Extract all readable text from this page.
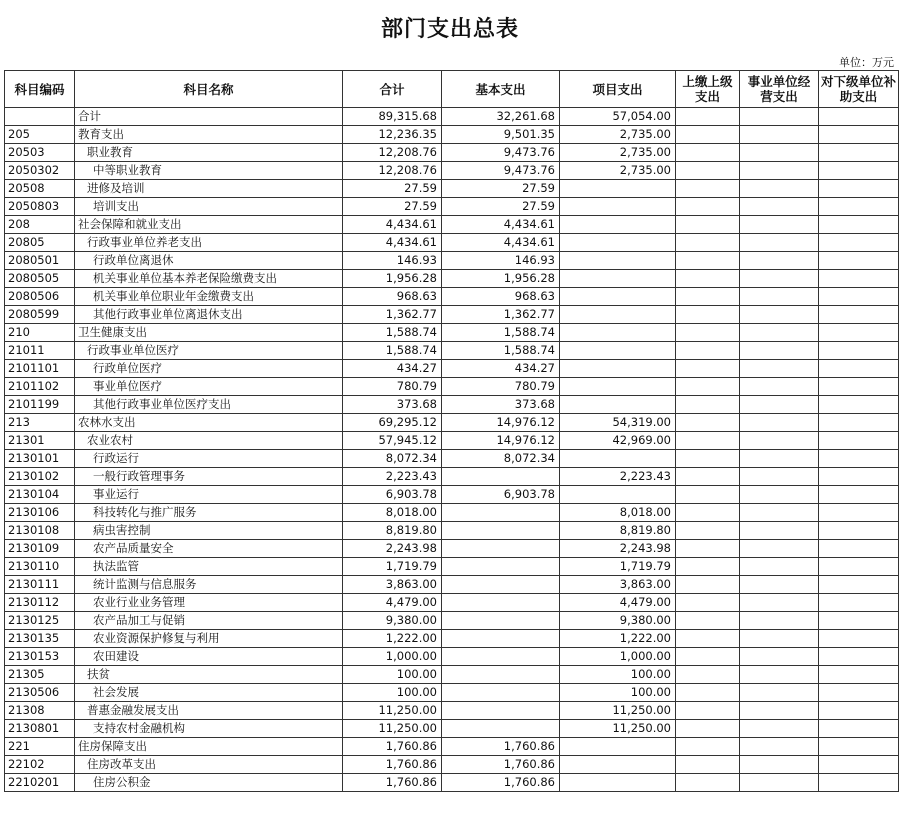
部门支出总表
单位：万元
科目编码	科目名称	合计	基本支出	项目支出	上缴上级支出	事业单位经营支出	对下级单位补助支出
	合计	89,315.68	32,261.68	57,054.00			
205	教育支出	12,236.35	9,501.35	2,735.00			
20503	职业教育	12,208.76	9,473.76	2,735.00			
2050302	中等职业教育	12,208.76	9,473.76	2,735.00			
20508	进修及培训	27.59	27.59				
2050803	培训支出	27.59	27.59				
208	社会保障和就业支出	4,434.61	4,434.61				
20805	行政事业单位养老支出	4,434.61	4,434.61				
2080501	行政单位离退休	146.93	146.93				
2080505	机关事业单位基本养老保险缴费支出	1,956.28	1,956.28				
2080506	机关事业单位职业年金缴费支出	968.63	968.63				
2080599	其他行政事业单位离退休支出	1,362.77	1,362.77				
210	卫生健康支出	1,588.74	1,588.74				
21011	行政事业单位医疗	1,588.74	1,588.74				
2101101	行政单位医疗	434.27	434.27				
2101102	事业单位医疗	780.79	780.79				
2101199	其他行政事业单位医疗支出	373.68	373.68				
213	农林水支出	69,295.12	14,976.12	54,319.00			
21301	农业农村	57,945.12	14,976.12	42,969.00			
2130101	行政运行	8,072.34	8,072.34				
2130102	一般行政管理事务	2,223.43		2,223.43			
2130104	事业运行	6,903.78	6,903.78				
2130106	科技转化与推广服务	8,018.00		8,018.00			
2130108	病虫害控制	8,819.80		8,819.80			
2130109	农产品质量安全	2,243.98		2,243.98			
2130110	执法监管	1,719.79		1,719.79			
2130111	统计监测与信息服务	3,863.00		3,863.00			
2130112	农业行业业务管理	4,479.00		4,479.00			
2130125	农产品加工与促销	9,380.00		9,380.00			
2130135	农业资源保护修复与利用	1,222.00		1,222.00			
2130153	农田建设	1,000.00		1,000.00			
21305	扶贫	100.00		100.00			
2130506	社会发展	100.00		100.00			
21308	普惠金融发展支出	11,250.00		11,250.00			
2130801	支持农村金融机构	11,250.00		11,250.00			
221	住房保障支出	1,760.86	1,760.86				
22102	住房改革支出	1,760.86	1,760.86				
2210201	住房公积金	1,760.86	1,760.86				
